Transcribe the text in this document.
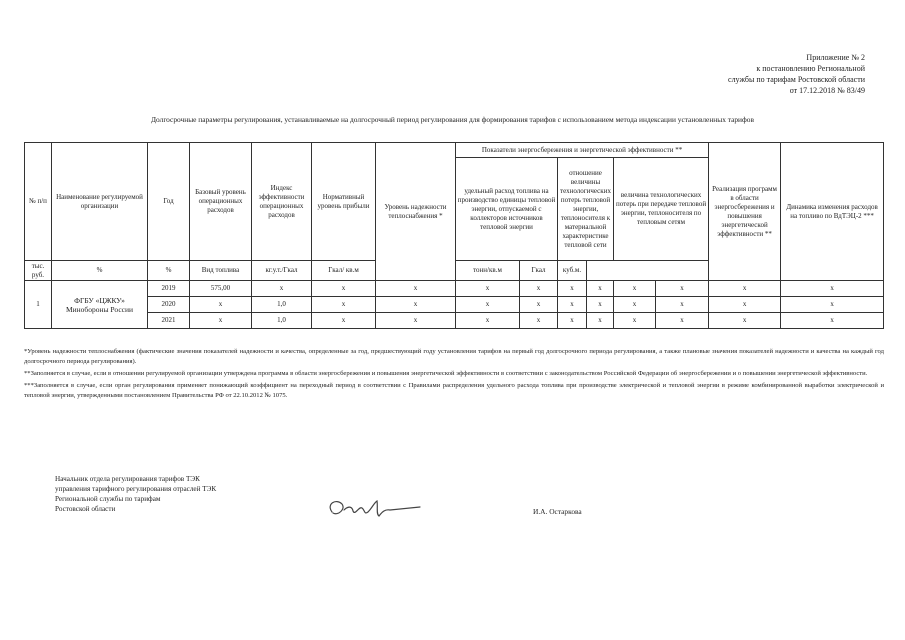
Приложение № 2
к постановлению Региональной
службы по тарифам Ростовской области
от 17.12.2018 № 83/49
Долгосрочные параметры регулирования, устанавливаемые на долгосрочный период регулирования для формирования тарифов с использованием метода индексации установленных тарифов
№ п/п	Наименование регулируемой организации	Год	Базовый уровень операционных расходов	Индекс эффективности операционных расходов	Нормативный уровень прибыли	Уровень надежности теплоснабжения *	Показатели энергосбережения и энергетической эффективности **						Реализация программ в области энергосбережения и повышения энергетической эффективности **	Динамика изменения расходов на топливо по ВдТЭЦ-2 ***
							удельный расход топлива на производство единицы тепловой энергии, отпускаемой с коллекторов источников тепловой энергии		отношение величины технологических потерь тепловой энергии, теплоносителя к материальной характеристике тепловой сети		величина технологических потерь при передаче тепловой энергии, теплоносителя по тепловым сетям			
тыс. руб.	%	%	Вид топлива	кг.у.т./Гкал	Гкал/ кв.м		тонн/кв.м	Гкал	куб.м.					
1	ФГБУ «ЦЖКУ» Минобороны России	2019	575,00	x	x	x	x	x	x	x	x	x	x	x
		2020	x	1,0	x	x	x	x	x	x	x	x	x	x
		2021	x	1,0	x	x	x	x	x	x	x	x	x	x

*Уровень надежности теплоснабжения (фактические значения показателей надежности и качества, определенные за год, предшествующий году установления тарифов на первый год долгосрочного периода регулирования, а также плановые значения показателей надежности и качества на каждый год долгосрочного периода регулирования).

**Заполняется в случае, если в отношении регулируемой организации утверждена программа в области энергосбережения и повышения энергетической эффективности в соответствии с законодательством Российской Федерации об энергосбережении и о повышении энергетической эффективности.

***Заполняется в случае, если орган регулирования применяет понижающий коэффициент на переходный период в соответствии с Правилами распределения удельного расхода топлива при производстве электрической и тепловой энергии в режиме комбинированной выработки электрической и тепловой энергии, утвержденными постановлением Правительства РФ от 22.10.2012 № 1075.

Начальник отдела регулирования тарифов ТЭК
управления тарифного регулирования отраслей ТЭК
Региональной службы по тарифам
Ростовской области	И.А. Остаркова
